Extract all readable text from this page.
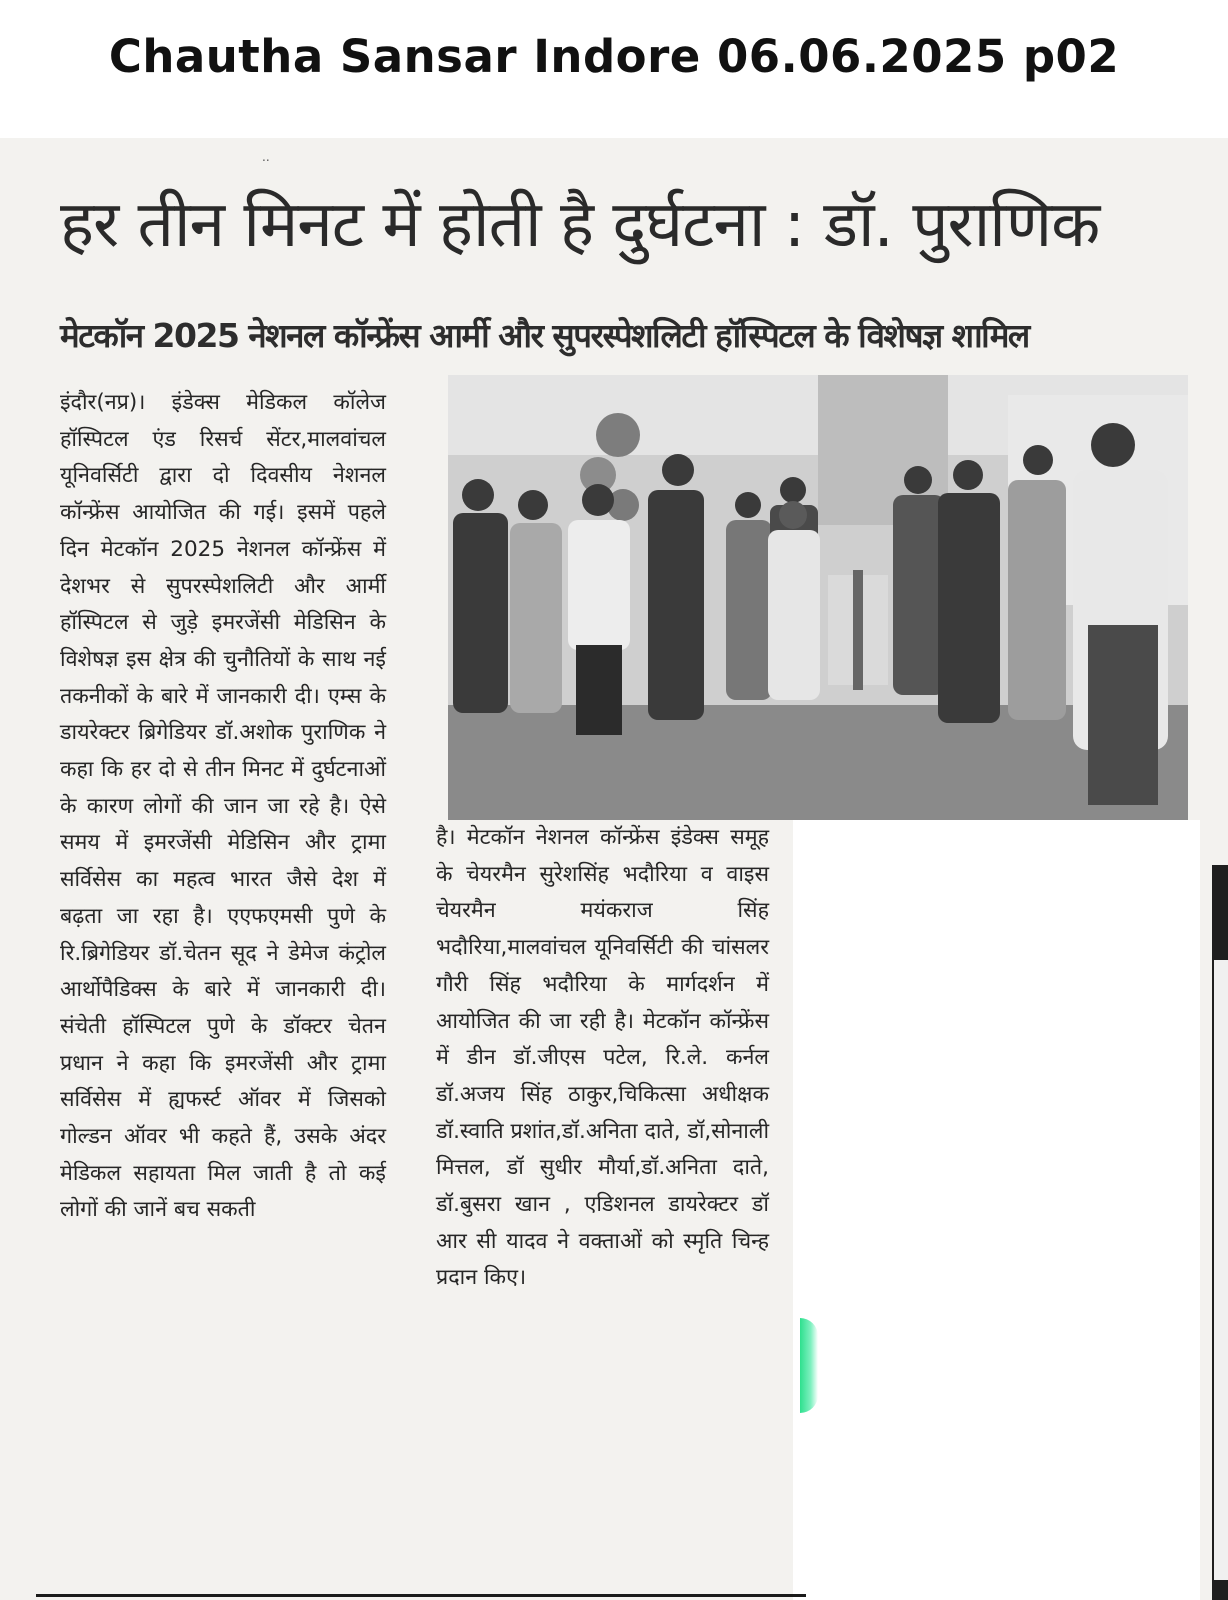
Chautha Sansar Indore 06.06.2025 p02
..
हर तीन मिनट में होती है दुर्घटना : डॉ. पुराणिक
मेटकॉन 2025 नेशनल कॉन्फ्रेंस आर्मी और सुपरस्पेशलिटी हॉस्पिटल के विशेषज्ञ शामिल

इंदौर(नप्र)। इंडेक्स मेडिकल कॉलेज हॉस्पिटल एंड रिसर्च सेंटर,मालवांचल यूनिवर्सिटी द्वारा दो दिवसीय नेशनल कॉन्फ्रेंस आयोजित की गई। इसमें पहले दिन मेटकॉन 2025 नेशनल कॉन्फ्रेंस में देशभर से सुपरस्पेशलिटी और आर्मी हॉस्पिटल से जुड़े इमरजेंसी मेडिसिन के विशेषज्ञ इस क्षेत्र की चुनौतियों के साथ नई तकनीकों के बारे में जानकारी दी। एम्स के डायरेक्टर ब्रिगेडियर डॉ.अशोक पुराणिक ने कहा कि हर दो से तीन मिनट में दुर्घटनाओं के कारण लोगों की जान जा रहे है। ऐसे समय में इमरजेंसी मेडिसिन और ट्रामा सर्विसेस का महत्व भारत जैसे देश में बढ़ता जा रहा है। एएफएमसी पुणे के रि.ब्रिगेडियर डॉ.चेतन सूद ने डेमेज कंट्रोल आर्थोपैडिक्स के बारे में जानकारी दी। संचेती हॉस्पिटल पुणे के डॉक्टर चेतन प्रधान ने कहा कि इमरजेंसी और ट्रामा सर्विसेस में ह्यफर्स्ट ऑवर में जिसको गोल्डन ऑवर भी कहते हैं, उसके अंदर मेडिकल सहायता मिल जाती है तो कई लोगों की जानें बच सकती

है। मेटकॉन नेशनल कॉन्फ्रेंस इंडेक्स समूह के चेयरमैन सुरेशसिंह भदौरिया व वाइस चेयरमैन मयंकराज सिंह भदौरिया,मालवांचल यूनिवर्सिटी की चांसलर गौरी सिंह भदौरिया के मार्गदर्शन में आयोजित की जा रही है। मेटकॉन कॉन्फ्रेंस में डीन डॉ.जीएस पटेल, रि.ले. कर्नल डॉ.अजय सिंह ठाकुर,चिकित्सा अधीक्षक डॉ.स्वाति प्रशांत,डॉ.अनिता दाते, डॉ,सोनाली मित्तल, डॉ सुधीर मौर्या,डॉ.अनिता दाते, डॉ.बुसरा खान , एडिशनल डायरेक्टर डॉ आर सी यादव ने वक्ताओं को स्मृति चिन्ह प्रदान किए।
